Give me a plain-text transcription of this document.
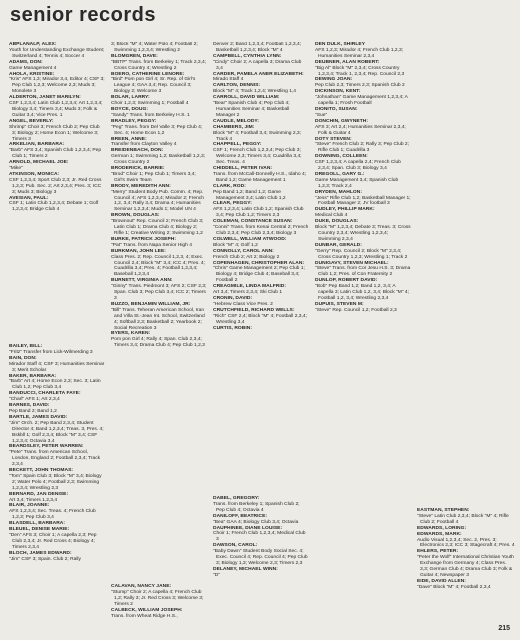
senior records
ABPLANALP, ALEX:
Youth for Understanding Exchange Student; Switzerland 4; Tennis 4; Soccer 4
ADAMS, DON:
Game Management 4
AHOLA, KRISTINE:
"Kris" AFS 1,3; Mirador 3,4, Editor 4; CSF 3; Pep Club 1,2,3; Welcome 2,3; Muds 3; Monolete 3
ALDERTON, JANET MARILYN:
CSF 1,2,3,4; Latin Club 1,2,3,4; Art 1,2,3,4; Biology 3,4; Timers 3,4; Muds 3; Folk & Guitar 3,4; Vice Pres. 1
ANGEL, BEVERLY:
Shrimp" Choir 3; French Club 2; Pep Club 3; Biology 2; Home Econ 1; Welcome 3; Timers 3
ARKELIAN, BARBARA:
"Barb" AFS 3,4; Spanish Club 1,2,3,4; Pep Club 1; Timers 2
ARNOLD, MICHAEL JOE:
"Mike"
ATKINSON, MONICA:
CSF 1,2,3,4; Sport Club 2,3; Jr. Red Cross 1,2,3; Pub. Sec. 2; Art 2,3,4; Pres. 3; ICC 3; Muds 3; Biology 3
AVESIAN, PAUL:
CSF 1; Latin Club 1,2,3,4; Debate 1; Golf 1,2,3,4; Bridge Club 4
BAILEY, BILL:
"Fritz" Transfer from Lick-Wilmerding 3
BAIN, DON:
Mirador Staff 4; CSF 3; Humanities Seminar 3; Merit Scholar
BAKER, BARBARA:
"Barb" Art 4; Home Econ 2,3; Sec. 3; Latin Club 1,2; Pep Club 3,4
BANDUCCI, CHARLETA FAYE:
"Charl" AFS 1; Art 2,3,4
BARNES, DAVID:
Pep Band 2; Band 1,2
BARTLE, JAMES DAVID:
"Jim" Orch. 2; Pep Band 2,3,4; Student Director 4; Band 1,2,3,4; Treas. 3, Pres. 4; Bskbll 1; Golf 2,3,4; Block "M" 3,4; CSF 1,2,3,4; Octavia 3,4
BEARDSLEY, PETER WARREN:
"Pete" Trans. from American School, London, England 2; Football 2,3,4; Track 2,3,4
BECKETT, JOHN THOMAS:
"Tom" Spain Club 3; Block "M" 3,4; Biology 2; Water Polo 4; Football 2,3; Swimming 1,2,3,4; Wrestling 2,3
BERNARD, JAN DENISE:
Art 3,4; Timers 1,2,3,4
BLAIR, JOANNE:
AFS 1,2,3,4; Sec. Treas. 4; French Club 1,2,3; Pep Club 3,4
BLASDELL, BARBARA:
BLEUEL, DENISE MARIE:
"Den" AFS 3; Choir 1; A capella 2,3; Pep Club 2,3,4; Jr. Red Cross 4; Biology 4; Timers 2,3,4
BLOCH, JAMES EDWARD:
"Jim" CSF 3; Spain. Club 2; Rally
3; Block "M" 4; Water Polo 4; Football 2; Swimming 1,2,3,4; Wrestling 2
BLOMGREN, DAVE:
"BBTP" Trans. from Berkeley 1; Track 2,3,4; Cross Country 4; Wrestling 2
BOERO, CATHERINE LENORE:
"Bird" Pom pon Girl 4; Sr. Rep. of Girl's League 4; GAA 3,4; Rep. Council 3; Biology 2; Welcome 3
BOLAR, LARRY:
Choir 1,2,3; Swimming 1; Football 4
BOYCE, DOUG:
"Sandy" Trans. from Berkeley H.S. 1
BRADLEY, PEGGY:
"Peg" Trans. from Del Valle 3; Pep Club 4; Sec. 4; Home Econ 1,2
BREEN, ANNE:
Transfer from Clayton Valley 4
BREIDENBACH, DON:
German 1; Swimming 1,2; Basketball 1,2,3; Cross Country 2
BRODERICK, BARRIE:
"Brod" Choir 1; Pep Club 1; Timers 3,4; Girl's Swim Team
BRODY, MEREDITH ANN:
"Merry" Student Body Pub. Comm. 4; Rep. Council 4; AFS 1,2,3,4; Mirador 2; French 1,2, 3,4; Rally 3,4; Drama 4; Humanities Seminar 1,2,3,4; Muds 1; Model UN 4
BROWN, DOUGLAS:
"Brownout" Rep. Council 2; French Club 3; Latin Club 1; Drama Club 4; Biology 2; Rifle 1; Creative Writing 2; Swimming 1,2
BURKE, PATRICK JOSEPH:
"Pat" Trans. from Napa Senior High 4
BURKMAN, JOHN LEE:
Class Pres. 2; Rep. Council 1,2,3, 4; Exec. Council 2,4; Block "M" 3,4; ICC 4; Pres. 4; Cuadrilla 3,4; Pres. 4; Football 1,2,3,4; Baseball 1,2,3,4
BURNETT, VIRGINIA ANN:
"Ginny" Trans. Piedmont 3; AFS 2; CSF 2,3; Span. Club 3; Pep Club 3,4; ICC 2; Timers 3
BUZZO, BENJAMIN WILLIAM, JR:
"Bill" Trans. Teheran American School, Iran and Villa St.-Jean Int. School, Switzerland 4; Softball 2,3; Basketball 2; Yearbook 2; Social Recreation 3
BYERS, KAREN:
Pom pon Girl 4; Rally 4; Span. Club 2,3,4; Timers 3,4; Drama Club 4; Pep Club 1,2,3
CALAVAN, NANCY JANE:
"Stump" Choir 2; A capella 4; French Club 1,2; Rally 3; Jr. Red Cross 3; Welcome 3; Timers 2
CALBECK, WILLIAM JOSEPH:
Trans. from Wheat Ridge H.S.,
Denver 2; Band 1,2,3,4; Football 1,2,3,4; Basketball 1,2,3,4; Block "M" 4
CAMPBELL, CYNTHIA LYNN:
"Cindy" Choir 2; A capella 3; Drama Club 3,4
CARDER, PAMELA ANER ELIZABETH:
Mirado Staff 4
CARLTON, DENNIS:
Block "M" 4; Track 1,2,4; Wrestling 1,4
CARROLL, DAVID WILLIAM:
"Bear" Spanish Club 4; Pep Club 4; Humanities Seminar 4; Basketball Manager 2
CAUDLE, MELODY:
CHAMBERS, JIM:
Block "M" 4; Football 3,4; Swimming 2,3; Track 4
CHAPPELL, PEGGY:
CSF 1; French Club 1,2,3,4; Pep Club 3; Welcome 2,3; Timers 3,4; Cuadrilla 3,4; Sec. Treas. 4
CHIDDELL, PETER IVAN:
Trans. from McCall-Donnelly H.S., Idaho 4; Band 1,2; Game Management 1
CLARK, ROD:
Pep Band 1,2; Band 1,2; Game Management 3,4; Latin Club 1,2
CLEAR, PEGGY:
AFS 1,2,3,4; Latin Club 1,2; Spanish Club 3,4; Pep Club 1,2; Timers 2,3
COLEMAN, CONSTANCE SUSAN:
"Conni" Trans. from Kenai Central 2; French Club 2,3,4; Pep Club 2,3,4; Biology 3
COLWELL, WILLIAM ATWOOD:
Block "M" 4; Golf 1,2
CONNOLLY, CAROL ANN:
French Club 2; Art 2; Biology 2
COPENHAGEN, CHRISTOPHER ALAN:
"Chris" Game Management 2; Pep Club 1; Biology 4; Bridge Club 4; Baseball 3,4; Football 2
CREAGMILE, LINDA MALFRID:
Art 3,4; Timers 2,3,4; Ski Club 1
CRONIN, DAVID:
"Hebrew Class Vice Pres. 2
CRUTCHFIELD, RICHARD WELLS:
"Rich" CSF 2,4; Block "M" 4; Football 2,3,4; Wrestling 3,4
CURTIS, ROBIN:
DABEL, GREGORY:
Trans. from Berkeley 1; Spanish Club 2; Pep Club 4; Octavia 4
DANILOFF, BEATRICE:
"Bea" GAA 4; Biology Club 3,4; Octavia
DAUPHINEE, DIANE LOUISE:
Choir 1; French Club 1,2,3,4; Medical Club 3
DAWSON, CAROL:
"Baby Dawn" Student Body Social Sec. 4; Exec. Council 4; Rep. Council 4; Pep Club 3; Biology 1,3; Welcome 2,3; Timers 2,3
DELANEY, MICHAEL WINN:
"D"
DEN DULK, SHIRLEY
AFS 1,2,3; Mirador 4; French Club 1,2,3; Humanities Seminar 2,3,4
DEUBNER, ALAN ROBERT:
"Big Al" Block "M" 2,3,4; Cross Country 1,2,3,4; Track 1, 2,3,4; Rep. Council 2,3
DEWING JOAN:
Pep Club 2,3; Timers 2,3; Spanish Club 2
DICKINSON, KENT:
"Johnathan" Game Management 1,2,3,4; A capella 1; Frosh Football
DIONITO, SUSAN:
"Sue"
DONCHIN, GWYNETH:
AFS 3; Art 2,4; Humanities Seminar 2,3,4; Folk & Guitar 4
DOTY STEVEN:
"Steve" French Club 2; Rally 3; Pep Club 2; Rifle Club 1; Cuadrilla 3
DOWNING, COLLEEN:
CSF 1,2,3,4; A capella 2,4; French Club 2,3,4; Span. Club 3; Biology 3,4
DREGOLL, GARY G.:
Game Management 3,4; Spanish Club 1,2,3; Track 2,4
DRYDEN, MAHLON:
"Jess" Rifle Club 1,2; Basketball Manager 1; Football Manager 2; JV football 3
DUDLEY, PHILLIP MARK:
Medical Club 4
DUKE, DOUGLAS:
Block "M" 1,2,3,4; Debate 3; Treas. 3; Cross Country 2,3,4; Wrestling 1,2,3,4; Swimming 2,3,4
DUNBAR, GERALD:
"Gerry" Rep. Council 2; Block "M" 2,3,4; Cross Country 1,2,3; Wrestling 1; Track 2
DUNIGAVY, STEVEN MICHAEL:
"Steve" Trans. from Cor Jesu H.S. 3; Drama Club 1,2; Pres. of Con Fraternity 2
DUNLOP, ROBERT DAVID:
"Bob" Pep Band 1,2; Band 1,2, 3,4; A capella 3; Latin Club 1,2, 3,4; Block "M" 4; Football 1,2, 3,4; Wrestling 2,3,4
DUPUIS, STEVEN M:
"Steve" Rep. Council 1,2; Football 2,3
EASTMAN, STEPHEN:
"Steve" Latin Club 2,3,4; Block "M" 4; Rifle Club 2; Football 4
EDWARDS, LORING:
EDWARDS, MARK:
Audio Visual 1,2,3,4; Sec. 2, Pres. 3; Electronics 2,3; ICC 3; Stagecraft 4; Pres. 4
EHLERS, PETER:
"Peter the Wolf" International Christian Youth Exchange from Germany 4; Class Pres. 3,3; German Club 4; Drama Club 3; Folk & Guitar 4; Newspaper 3
EIDE, DAVID ALLEN:
"Dave" Block "M" 4; Football 2,3,4
215
